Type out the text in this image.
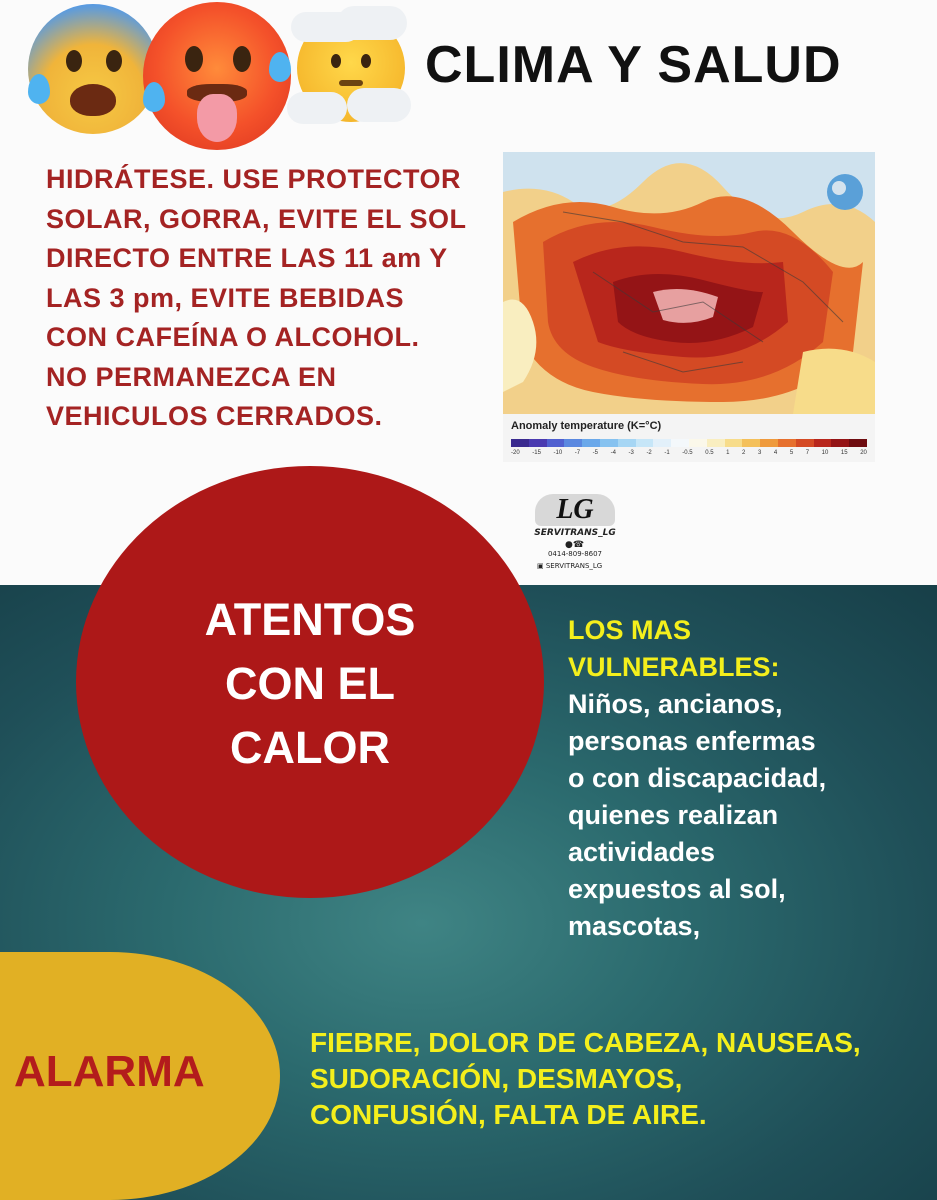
CLIMA Y SALUD
HIDRÁTESE. USE PROTECTOR
SOLAR, GORRA, EVITE EL SOL
DIRECTO ENTRE LAS 11 am Y
LAS 3 pm, EVITE BEBIDAS
CON CAFEÍNA O ALCOHOL.
NO PERMANEZCA EN
VEHICULOS CERRADOS.	Anomaly temperature (K=°C)
-20 -15 -10 -7 -5 -4 -3 -2 -1 -0.5 0.5 1 2 3 4 5 7 10 15 20
LG
SERVITRANS_LG
●☎
0414-809-8607
▣ SERVITRANS_LG
ATENTOS
CON EL
CALOR
LOS MAS
VULNERABLES:
Niños, ancianos,
personas enfermas
o con discapacidad,
quienes realizan
actividades
expuestos al sol,
mascotas,
ALARMA
FIEBRE, DOLOR DE CABEZA, NAUSEAS,
SUDORACIÓN, DESMAYOS,
CONFUSIÓN, FALTA DE AIRE.
